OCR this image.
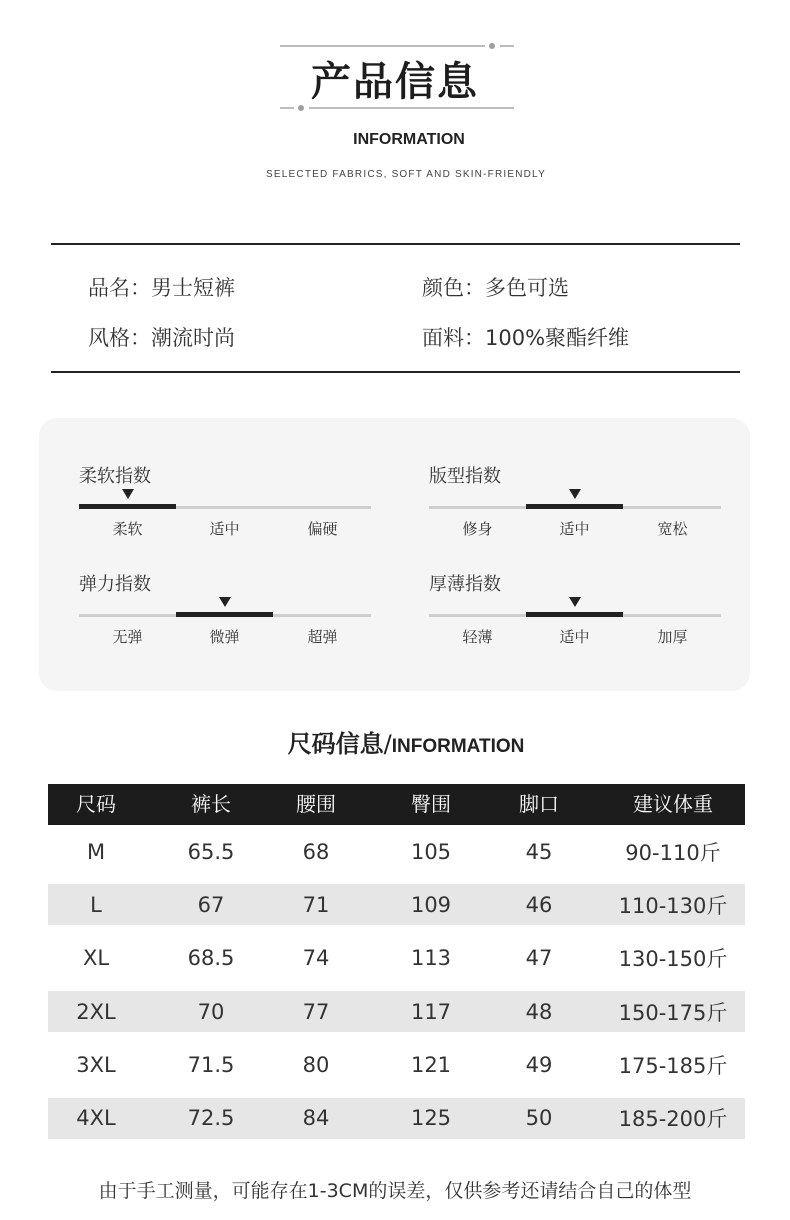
产品信息
INFORMATION
SELECTED FABRICS, SOFT AND SKIN-FRIENDLY
品名：男士短裤	颜色：多色可选
风格：潮流时尚	面料：100%聚酯纤维
柔软指数
柔软	适中	偏硬
版型指数
修身	适中	宽松
弹力指数
无弹	微弹	超弹
厚薄指数
轻薄	适中	加厚
尺码信息/INFORMATION
尺码	裤长	腰围	臀围	脚口	建议体重
M	65.5	68	105	45	90-110斤
L	67	71	109	46	110-130斤
XL	68.5	74	113	47	130-150斤
2XL	70	77	117	48	150-175斤
3XL	71.5	80	121	49	175-185斤
4XL	72.5	84	125	50	185-200斤
由于手工测量，可能存在1-3CM的误差，仅供参考还请结合自己的体型
